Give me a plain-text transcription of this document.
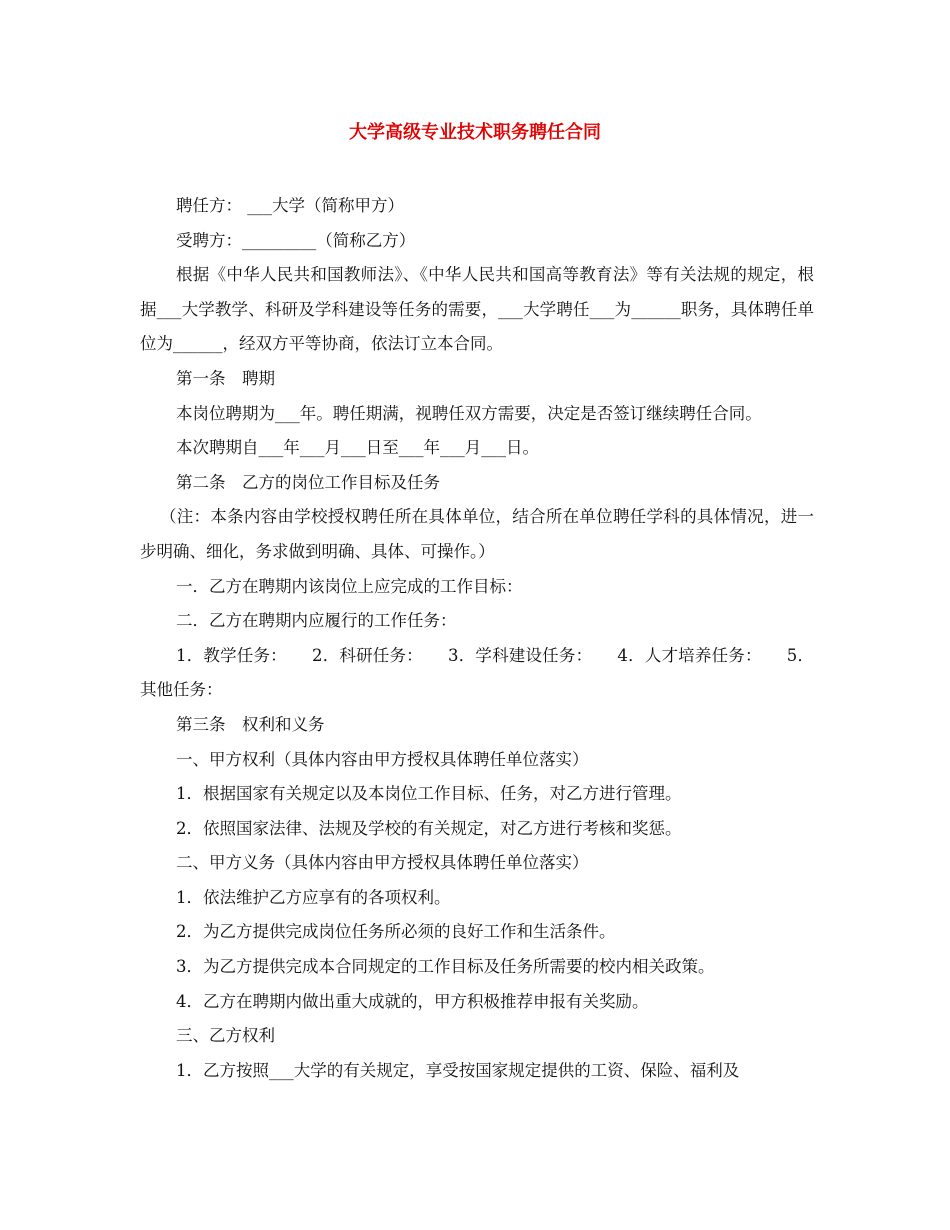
大学高级专业技术职务聘任合同

聘任方： ___大学（简称甲方）

受聘方：_________（简称乙方）

根据《中华人民共和国教师法》、《中华人民共和国高等教育法》等有关法规的规定，根据___大学教学、科研及学科建设等任务的需要，___大学聘任___为______职务，具体聘任单位为______，经双方平等协商，依法订立本合同。

第一条　聘期

本岗位聘期为___年。聘任期满，视聘任双方需要，决定是否签订继续聘任合同。

本次聘期自___年___月___日至___年___月___日。

第二条　乙方的岗位工作目标及任务

（注：本条内容由学校授权聘任所在具体单位，结合所在单位聘任学科的具体情况，进一步明确、细化，务求做到明确、具体、可操作。）

一．乙方在聘期内该岗位上应完成的工作目标：

二．乙方在聘期内应履行的工作任务：

1．教学任务：　　2．科研任务：　　3．学科建设任务：　　4．人才培养任务：　　5．其他任务：

第三条　权利和义务

一、甲方权利（具体内容由甲方授权具体聘任单位落实）

1．根据国家有关规定以及本岗位工作目标、任务，对乙方进行管理。

2．依照国家法律、法规及学校的有关规定，对乙方进行考核和奖惩。

二、甲方义务（具体内容由甲方授权具体聘任单位落实）

1．依法维护乙方应享有的各项权利。

2．为乙方提供完成岗位任务所必须的良好工作和生活条件。

3．为乙方提供完成本合同规定的工作目标及任务所需要的校内相关政策。

4．乙方在聘期内做出重大成就的，甲方积极推荐申报有关奖励。

三、乙方权利

1．乙方按照___大学的有关规定，享受按国家规定提供的工资、保险、福利及
